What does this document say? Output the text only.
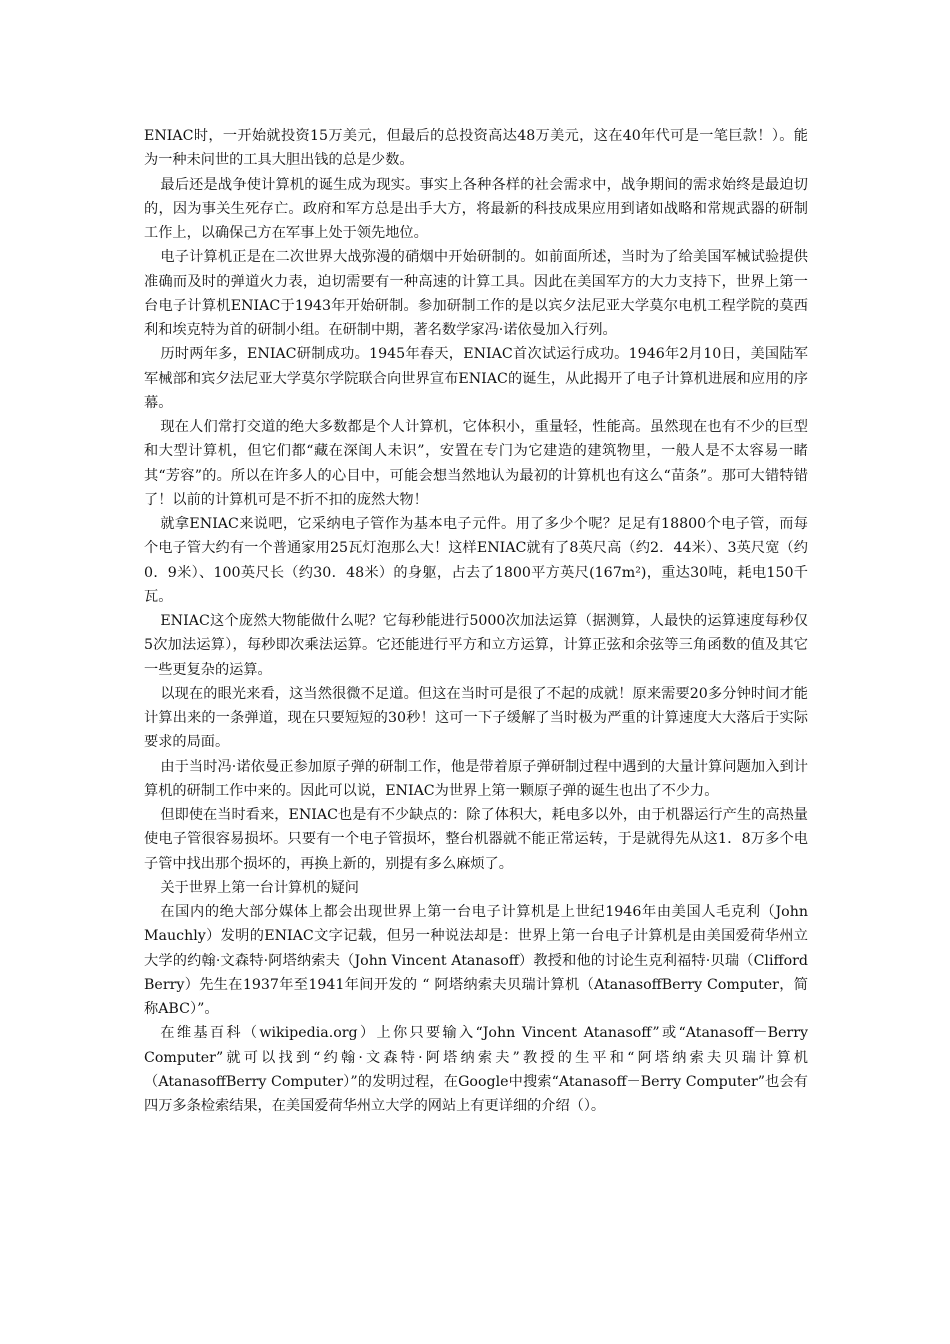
ENIAC时，一开始就投资15万美元，但最后的总投资高达48万美元，这在40年代可是一笔巨款！）。能为一种未问世的工具大胆出钱的总是少数。

最后还是战争使计算机的诞生成为现实。事实上各种各样的社会需求中，战争期间的需求始终是最迫切的，因为事关生死存亡。政府和军方总是出手大方，将最新的科技成果应用到诸如战略和常规武器的研制工作上，以确保己方在军事上处于领先地位。

电子计算机正是在二次世界大战弥漫的硝烟中开始研制的。如前面所述，当时为了给美国军械试验提供准确而及时的弹道火力表，迫切需要有一种高速的计算工具。因此在美国军方的大力支持下，世界上第一台电子计算机ENIAC于1943年开始研制。参加研制工作的是以宾夕法尼亚大学莫尔电机工程学院的莫西利和埃克特为首的研制小组。在研制中期，著名数学家冯·诺依曼加入行列。

历时两年多，ENIAC研制成功。1945年春天，ENIAC首次试运行成功。1946年2月10日，美国陆军军械部和宾夕法尼亚大学莫尔学院联合向世界宣布ENIAC的诞生，从此揭开了电子计算机进展和应用的序幕。

现在人们常打交道的绝大多数都是个人计算机，它体积小，重量轻，性能高。虽然现在也有不少的巨型和大型计算机，但它们都“藏在深闺人未识”，安置在专门为它建造的建筑物里，一般人是不太容易一睹其“芳容”的。所以在许多人的心目中，可能会想当然地认为最初的计算机也有这么“苗条”。那可大错特错了！以前的计算机可是不折不扣的庞然大物！

就拿ENIAC来说吧，它采纳电子管作为基本电子元件。用了多少个呢？足足有18800个电子管，而每个电子管大约有一个普通家用25瓦灯泡那么大！这样ENIAC就有了8英尺高（约2．44米）、3英尺宽（约0．9米）、100英尺长（约30．48米）的身躯，占去了1800平方英尺(167m²)，重达30吨，耗电150千瓦。

ENIAC这个庞然大物能做什么呢？它每秒能进行5000次加法运算（据测算，人最快的运算速度每秒仅5次加法运算），每秒即次乘法运算。它还能进行平方和立方运算，计算正弦和余弦等三角函数的值及其它一些更复杂的运算。

以现在的眼光来看，这当然很微不足道。但这在当时可是很了不起的成就！原来需要20多分钟时间才能计算出来的一条弹道，现在只要短短的30秒！这可一下子缓解了当时极为严重的计算速度大大落后于实际要求的局面。

由于当时冯·诺依曼正参加原子弹的研制工作，他是带着原子弹研制过程中遇到的大量计算问题加入到计算机的研制工作中来的。因此可以说，ENIAC为世界上第一颗原子弹的诞生也出了不少力。

但即使在当时看来，ENIAC也是有不少缺点的：除了体积大，耗电多以外，由于机器运行产生的高热量使电子管很容易损坏。只要有一个电子管损坏，整台机器就不能正常运转，于是就得先从这1．8万多个电子管中找出那个损坏的，再换上新的，别提有多么麻烦了。

关于世界上第一台计算机的疑问

在国内的绝大部分媒体上都会出现世界上第一台电子计算机是上世纪1946年由美国人毛克利（John Mauchly）发明的ENIAC文字记载，但另一种说法却是：世界上第一台电子计算机是由美国爱荷华州立大学的约翰·文森特·阿塔纳索夫（John Vincent Atanasoff）教授和他的讨论生克利福特·贝瑞（Clifford Berry）先生在1937年至1941年间开发的 “ 阿塔纳索夫贝瑞计算机（AtanasoffBerry Computer，简称ABC）”。

在维基百科（wikipedia.org）上你只要输入“John Vincent Atanasoff”或“Atanasoff－Berry Computer”就可以找到“约翰·文森特·阿塔纳索夫”教授的生平和“阿塔纳索夫贝瑞计算机（AtanasoffBerry Computer）”的发明过程，在Google中搜索“Atanasoff－Berry Computer”也会有四万多条检索结果，在美国爱荷华州立大学的网站上有更详细的介绍（）。
